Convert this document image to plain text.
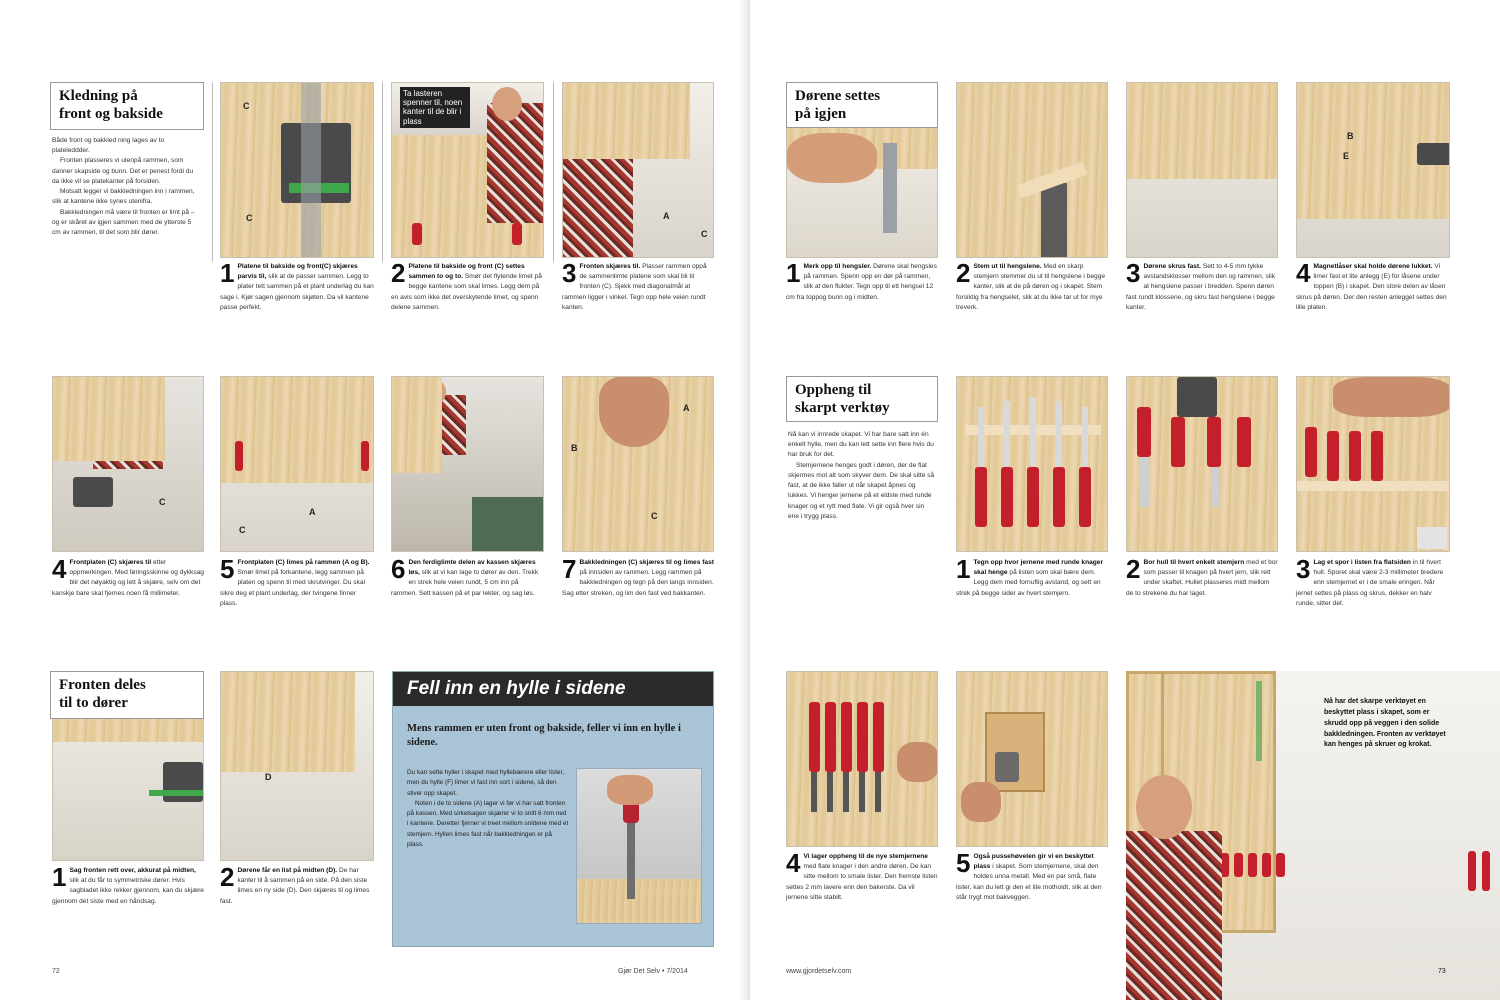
Kledning på
front og bakside

Både front og bakkled ning lages av to plateleddder.

Fronten plasseres vi utenpå rammen, som danner skapside og bunn. Det er penest fordi du da ikke vil se platekanter på forsiden.

Motsatt legger vi bakkledningen inn i rammen, slik at kantene ikke synes utenifra.

Bakkledningen må være til fronten er limt på – og er skåret av igjen sammen med de ytterste 5 cm av rammen, til det som blir dører.

C
C
Ta lasteren spenner til, noen kanter til de blir i plass
A
C
1 Platene til bakside og front(C) skjæres parvis til, slik at de passer sammen. Legg to plater tett sammen på et plant underlag du kan sage i. Kjør sagen gjennom skjøten. Da vil kantene passe perfekt.
2 Platene til bakside og front (C) settes sammen to og to. Smør det flytende limet på begge kantene som skal limes. Legg dem på en avis som ikke det overskytende limet, og spenn delene sammen.
3 Fronten skjæres til. Plasser rammen oppå de sammenlimte platene som skal bli til fronten (C). Sjekk med diagonalmål at rammen ligger i vinkel. Tegn opp hele veien rundt kanten.
C
A
C
A
B
C
4 Frontplaten (C) skjæres til etter oppmerkingen. Med føringsskinne og dykksag blir det nøyaktig og lett å skjære, selv om det kanskje bare skal fjernes noen få millimeter.
5 Frontplaten (C) limes på rammen (A og B). Smør limet på forkantene, legg sammen på platen og spenn til med skrutvinger. Du skal sikre deg et plant underlag, der tvingene finner plass.
6 Den ferdiglimte delen av kassen skjæres løs, slik at vi kan lage to dører av den. Trekk en strek hele veien rundt, 5 cm inn på rammen. Sett kassen på et par lekter, og sag løs.
7 Bakkledningen (C) skjæres til og limes fast på innsiden av rammen. Legg rammen på bakkledningen og tegn på den langs innsiden. Sag etter streken, og lim den fast ved bakkanten.
Fronten deles
til to dører
D
1 Sag fronten rett over, akkurat på midten, slik at du får to symmetriske dører. Hvis sagbladet ikke rekker gjennom, kan du skjære gjennom det siste med en håndsag.
2 Dørene får en list på midten (D). De har kanter til å sammen på en side. På den siste limes en ny side (D). Den skjæres til og limes fast.
Fell inn en hylle i sidene
Mens rammen er uten front og bakside, feller vi inn en hylle i sidene.

Du kan sette hyller i skapet med hyllebærere eller lister, men du hylle (F) limer vi fast inn sort i sidene, så den stiver opp skapet.

Noten i de to sidene (A) lager vi før vi har satt fronten på kassen. Med sirkelsagen skjærer vi to snitt 6 mm ned i kantene. Deretter fjerner vi treet mellom snittene med et stemjern. Hyllen limes fast når bakkledningen er på plass.

72	Gjør Det Selv • 7/2014
Dørene settes
på igjen
B
E
1 Merk opp til hengsler. Dørene skal hengsles på rammen. Spenn opp en dør på rammen, slik at den flukter. Tegn opp til ett hengsel 12 cm fra toppog bunn og i midten.
2 Stem ut til hengslene. Med en skarp stemjern stemmer du ut til hengslene i begge kanter, slik at de på døren og i skapet. Stem forsiktig fra hengselet, slik at du ikke tar ut for mye treverk.
3 Dørene skrus fast. Sett to 4-5 mm tykke avstandsklosser mellom den og rammen, slik at hengslene passer i bredden. Spenn døren fast rundt klossene, og skru fast hengslene i begge kanter.
4 Magnetlåser skal holde dørene lukket. Vi limer fast et lite anlegg (E) for låsene under toppen (B) i skapet. Den store delen av låsen skrus på døren. Der den resten anlegget settes den lille platen.
Oppheng til
skarpt verktøy

Nå kan vi innrede skapet. Vi har bare satt inn én enkelt hylle, men du kan lett sette inn flere hvis du har bruk for det.

Stemjernene henges godt i døren, der de flat skjermes mot alt som skyver dem. De skal sitte så fast, at de ikke faller ut når skapet åpnes og lukkes. Vi henger jernene på et eldste med runde knager og et rytt med flate. Vi gir også hver sin ene i trygg plass.

1 Tegn opp hvor jernene med runde knager skal henge på listen som skal bære dem. Legg dem med fornuftig avstand, og sett en strek på begge sider av hvert stemjern.
2 Bor hull til hvert enkelt stemjern med et bor som passer til knagen på hvert jern, slik rett under skaftet. Hullet plasseres midt mellom de to strekene du har laget.
3 Lag et spor i listen fra flatsiden in til hvert hull. Sporet skal være 2-3 millimeter bredere enn stemjernet er i de smale eringen. Når jernet settes på plass og skrus, dekker en halv runde, sitter det.
4 Vi lager oppheng til de nye stemjernene med flate knager i den andre døren. De kan sitte mellom to smale lister. Den fremste listen settes 2 mm lavere enn den bakerste. Da vil jernene sitte stabilt.
5 Også pussehøvelen gir vi en beskyttet plass i skapet. Som stemjernene, skal den holdes unna metall. Med en par små, flate lister, kan du lett gi den et lite motholdt, slik at den står trygt mot bakveggen.
Nå har det skarpe verktøyet en beskyttet plass i skapet, som er skrudd opp på veggen i den solide bakkledningen. Fronten av verktøyet kan henges på skruer og krokat.
www.gjordetselv.com	73
